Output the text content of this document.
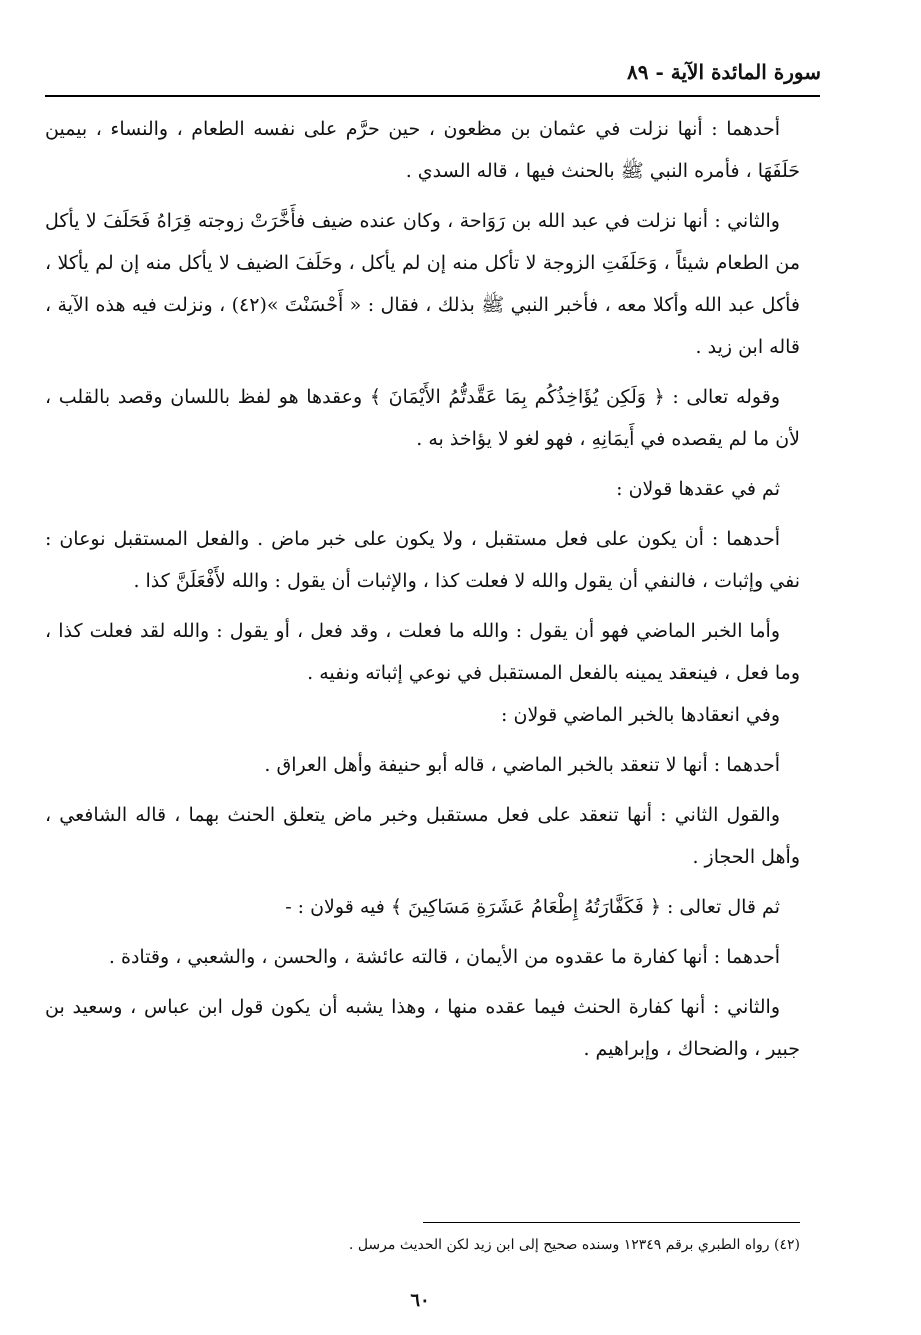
سورة المائدة الآية - ٨٩

أحدهما : أنها نزلت في عثمان بن مظعون ، حين حرَّم على نفسه الطعام ، والنساء ، بيمين حَلَفَهَا ، فأمره النبي ﷺ بالحنث فيها ، قاله السدي .

والثاني : أنها نزلت في عبد الله بن رَوَاحة ، وكان عنده ضيف فأَخَّرَتْ زوجته قِرَاهُ فَحَلَفَ لا يأكل من الطعام شيئاً ، وَحَلَفَتِ الزوجة لا تأكل منه إن لم يأكل ، وحَلَفَ الضيف لا يأكل منه إن لم يأكلا ، فأكل عبد الله وأكلا معه ، فأخبر النبي ﷺ بذلك ، فقال : « أَحْسَنْتَ »(٤٢) ، ونزلت فيه هذه الآية ، قاله ابن زيد .

وقوله تعالى : ﴿ وَلَكِن يُؤَاخِذُكُم بِمَا عَقَّدتُّمُ الأَيْمَانَ ﴾ وعقدها هو لفظ باللسان وقصد بالقلب ، لأن ما لم يقصده في أَيمَانِهِ ، فهو لغو لا يؤاخذ به .

ثم في عقدها قولان :

أحدهما : أن يكون على فعل مستقبل ، ولا يكون على خبر ماض . والفعل المستقبل نوعان : نفي وإثبات ، فالنفي أن يقول والله لا فعلت كذا ، والإثبات أن يقول : والله لأَفْعَلَنَّ كذا .

وأما الخبر الماضي فهو أن يقول : والله ما فعلت ، وقد فعل ، أو يقول : والله لقد فعلت كذا ، وما فعل ، فينعقد يمينه بالفعل المستقبل في نوعي إثباته ونفيه .

وفي انعقادها بالخبر الماضي قولان :

أحدهما : أنها لا تنعقد بالخبر الماضي ، قاله أبو حنيفة وأهل العراق .

والقول الثاني : أنها تنعقد على فعل مستقبل وخبر ماض يتعلق الحنث بهما ، قاله الشافعي ، وأهل الحجاز .

ثم قال تعالى : ﴿ فَكَفَّارَتُهُ إِطْعَامُ عَشَرَةِ مَسَاكِينَ ﴾ فيه قولان : -

أحدهما : أنها كفارة ما عقدوه من الأيمان ، قالته عائشة ، والحسن ، والشعبي ، وقتادة .

والثاني : أنها كفارة الحنث فيما عقده منها ، وهذا يشبه أن يكون قول ابن عباس ، وسعيد بن جبير ، والضحاك ، وإبراهيم .

(٤٢) رواه الطبري برقم ١٢٣٤٩ وسنده صحيح إلى ابن زيد لكن الحديث مرسل .
٦٠
